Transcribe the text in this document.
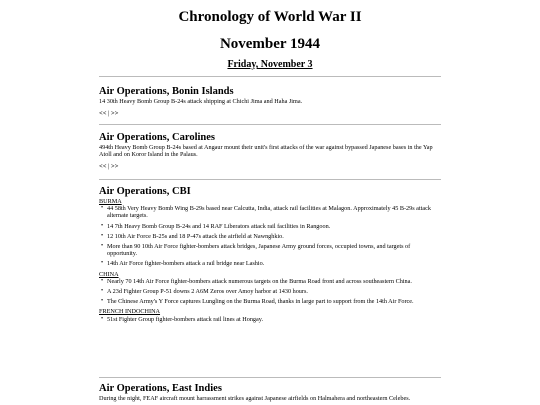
Chronology of World War II
November 1944
Friday, November 3

Air Operations, Bonin Islands

14 30th Heavy Bomb Group B-24s attack shipping at Chichi Jima and Haha Jima.

<< | >>

Air Operations, Carolines

494th Heavy Bomb Group B-24s based at Angaur mount their unit's first attacks of the war against bypassed Japanese bases in the Yap Atoll and on Koror Island in the Palaus.

<< | >>

Air Operations, CBI

BURMA

• 44 58th Very Heavy Bomb Wing B-29s based near Calcutta, India, attack rail facilities at Malagon. Approximately 45 B-29s attack alternate targets.
• 14 7th Heavy Bomb Group B-24s and 14 RAF Liberators attack rail facilities in Rangoon.
• 12 10th Air Force B-25s and 18 P-47s attack the airfield at Nawnghkio.
• More than 90 10th Air Force fighter-bombers attack bridges, Japanese Army ground forces, occupied towns, and targets of opportunity.
• 14th Air Force fighter-bombers attack a rail bridge near Lashio.

CHINA

• Nearly 70 14th Air Force fighter-bombers attack numerous targets on the Burma Road front and across southeastern China.
• A 23d Fighter Group P-51 downs 2 A6M Zeros over Amoy harbor at 1430 hours.
• The Chinese Army's Y Force captures Lungling on the Burma Road, thanks in large part to support from the 14th Air Force.

FRENCH INDOCHINA

• 51st Fighter Group fighter-bombers attack rail lines at Hongay.

Air Operations, East Indies

During the night, FEAF aircraft mount harrassment strikes against Japanese airfields on Halmahera and northeastern Celebes.
